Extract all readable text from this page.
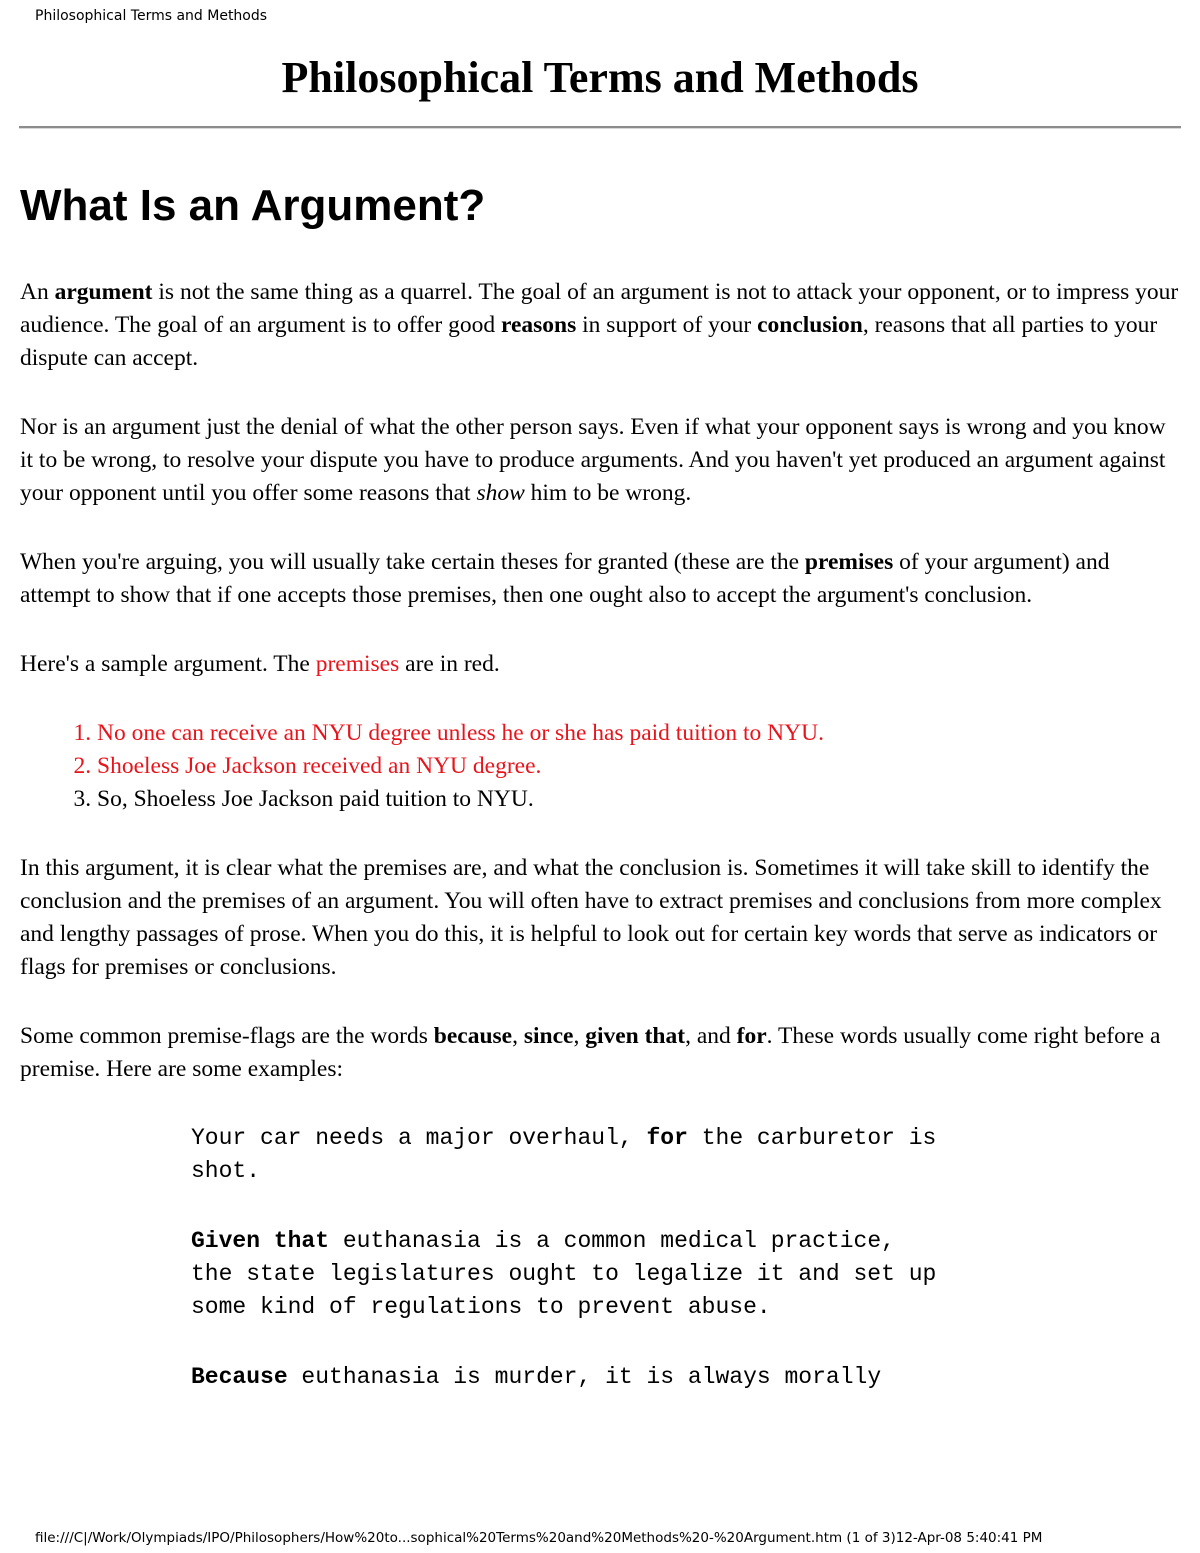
Philosophical Terms and Methods
Philosophical Terms and Methods
What Is an Argument?

An argument is not the same thing as a quarrel. The goal of an argument is not to attack your opponent, or to impress your audience. The goal of an argument is to offer good reasons in support of your conclusion, reasons that all parties to your dispute can accept.

Nor is an argument just the denial of what the other person says. Even if what your opponent says is wrong and you know it to be wrong, to resolve your dispute you have to produce arguments. And you haven't yet produced an argument against your opponent until you offer some reasons that show him to be wrong.

When you're arguing, you will usually take certain theses for granted (these are the premises of your argument) and attempt to show that if one accepts those premises, then one ought also to accept the argument's conclusion.

Here's a sample argument. The premises are in red.

1. No one can receive an NYU degree unless he or she has paid tuition to NYU.
2. Shoeless Joe Jackson received an NYU degree.
3. So, Shoeless Joe Jackson paid tuition to NYU.

In this argument, it is clear what the premises are, and what the conclusion is. Sometimes it will take skill to identify the conclusion and the premises of an argument. You will often have to extract premises and conclusions from more complex and lengthy passages of prose. When you do this, it is helpful to look out for certain key words that serve as indicators or flags for premises or conclusions.

Some common premise-flags are the words because, since, given that, and for. These words usually come right before a premise. Here are some examples:

Your car needs a major overhaul, for the carburetor is
shot.
Given that euthanasia is a common medical practice,
the state legislatures ought to legalize it and set up
some kind of regulations to prevent abuse.
Because euthanasia is murder, it is always morally
file:///C|/Work/Olympiads/IPO/Philosophers/How%20to...sophical%20Terms%20and%20Methods%20-%20Argument.htm (1 of 3)12-Apr-08 5:40:41 PM
